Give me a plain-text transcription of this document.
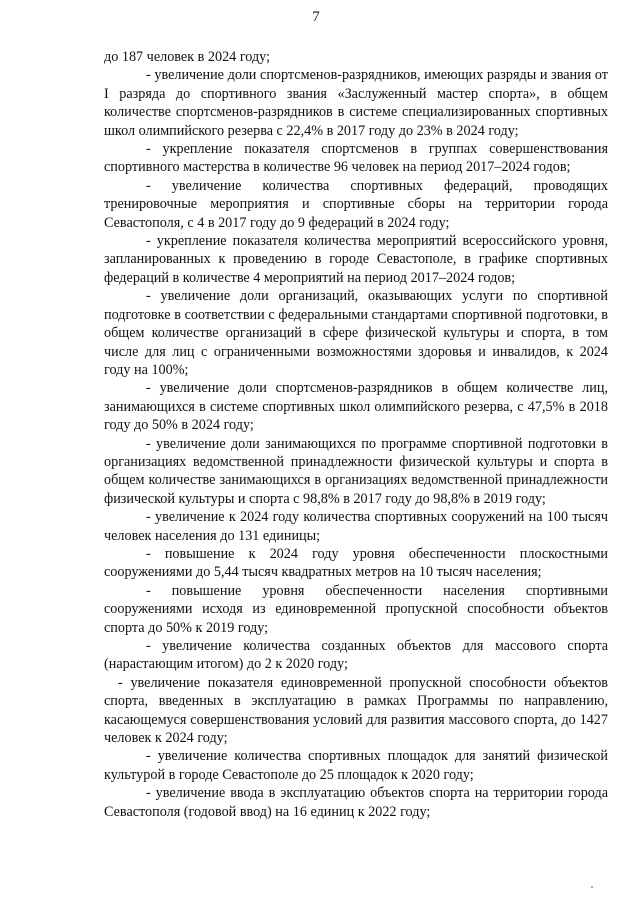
7

до 187 человек в 2024 году;

- увеличение доли спортсменов-разрядников, имеющих разряды и звания от I разряда до спортивного звания «Заслуженный мастер спорта», в общем количестве спортсменов-разрядников в системе специализированных спортивных школ олимпийского резерва с 22,4% в 2017 году до 23% в 2024 году;

- укрепление показателя спортсменов в группах совершенствования спортивного мастерства в количестве 96 человек на период 2017–2024 годов;

- увеличение количества спортивных федераций, проводящих тренировочные мероприятия и спортивные сборы на территории города Севастополя, с 4 в 2017 году до 9 федераций в 2024 году;

- укрепление показателя количества мероприятий всероссийского уровня, запланированных к проведению в городе Севастополе, в графике спортивных федераций в количестве 4 мероприятий на период 2017–2024 годов;

- увеличение доли организаций, оказывающих услуги по спортивной подготовке в соответствии с федеральными стандартами спортивной подготовки, в общем количестве организаций в сфере физической культуры и спорта, в том числе для лиц с ограниченными возможностями здоровья и инвалидов, к 2024 году на 100%;

- увеличение доли спортсменов-разрядников в общем количестве лиц, занимающихся в системе спортивных школ олимпийского резерва, с 47,5% в 2018 году до 50% в 2024 году;

- увеличение доли занимающихся по программе спортивной подготовки в организациях ведомственной принадлежности физической культуры и спорта в общем количестве занимающихся в организациях ведомственной принадлежности физической культуры и спорта с 98,8% в 2017 году до 98,8% в 2019 году;

- увеличение к 2024 году количества спортивных сооружений на 100 тысяч человек населения до 131 единицы;

- повышение к 2024 году уровня обеспеченности плоскостными сооружениями до 5,44 тысяч квадратных метров на 10 тысяч населения;

- повышение уровня обеспеченности населения спортивными сооружениями исходя из единовременной пропускной способности объектов спорта до 50% к 2019 году;

- увеличение количества созданных объектов для массового спорта (нарастающим итогом) до 2 к 2020 году;

- увеличение показателя единовременной пропускной способности объектов спорта, введенных в эксплуатацию в рамках Программы по направлению, касающемуся совершенствования условий для развития массового спорта, до 1427 человек к 2024 году;

- увеличение количества спортивных площадок для занятий физической культурой в городе Севастополе до 25 площадок к 2020 году;

- увеличение ввода в эксплуатацию объектов спорта на территории города Севастополя (годовой ввод) на 16 единиц к 2022 году;
